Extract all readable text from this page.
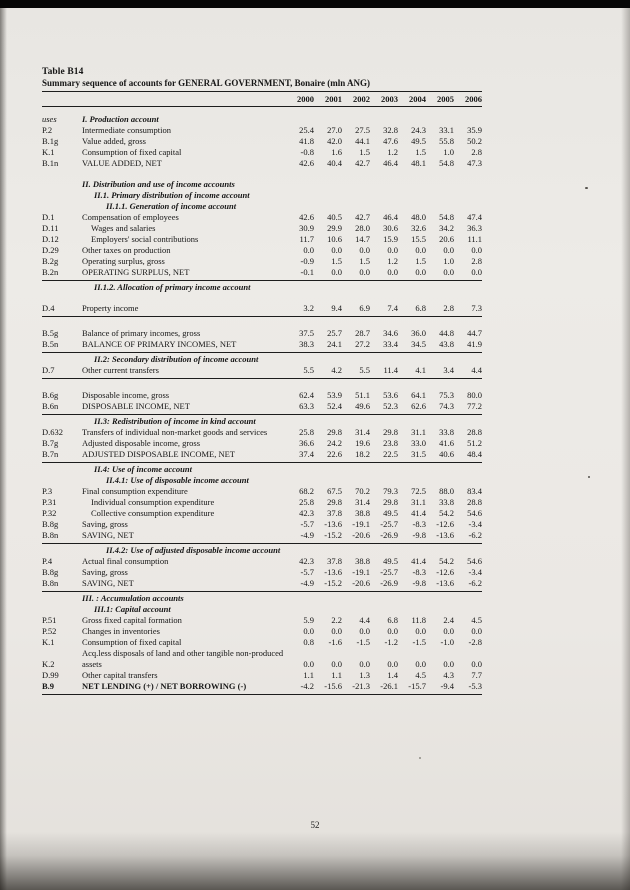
Table B14
Summary sequence of accounts for GENERAL GOVERNMENT, Bonaire (mln ANG)
2000	2001	2002	2003	2004	2005	2006
uses	I. Production account
P.2	Intermediate consumption	25.4	27.0	27.5	32.8	24.3	33.1	35.9
B.1g	Value added, gross	41.8	42.0	44.1	47.6	49.5	55.8	50.2
K.1	Consumption of fixed capital	-0.8	1.6	1.5	1.2	1.5	1.0	2.8
B.1n	VALUE ADDED, NET	42.6	40.4	42.7	46.4	48.1	54.8	47.3
II. Distribution and use of income accounts
II.1. Primary distribution of income account
II.1.1. Generation of income account
D.1	Compensation of employees	42.6	40.5	42.7	46.4	48.0	54.8	47.4
D.11	Wages and salaries	30.9	29.9	28.0	30.6	32.6	34.2	36.3
D.12	Employers' social contributions	11.7	10.6	14.7	15.9	15.5	20.6	11.1
D.29	Other taxes on production	0.0	0.0	0.0	0.0	0.0	0.0	0.0
B.2g	Operating surplus, gross	-0.9	1.5	1.5	1.2	1.5	1.0	2.8
B.2n	OPERATING SURPLUS, NET	-0.1	0.0	0.0	0.0	0.0	0.0	0.0
II.1.2. Allocation of primary income account
D.4	Property income	3.2	9.4	6.9	7.4	6.8	2.8	7.3
B.5g	Balance of primary incomes, gross	37.5	25.7	28.7	34.6	36.0	44.8	44.7
B.5n	BALANCE OF PRIMARY INCOMES, NET	38.3	24.1	27.2	33.4	34.5	43.8	41.9
II.2: Secondary distribution of income account
D.7	Other current transfers	5.5	4.2	5.5	11.4	4.1	3.4	4.4
B.6g	Disposable income, gross	62.4	53.9	51.1	53.6	64.1	75.3	80.0
B.6n	DISPOSABLE INCOME, NET	63.3	52.4	49.6	52.3	62.6	74.3	77.2
II.3: Redistribution of income in kind account
D.632	Transfers of individual non-market goods and services	25.8	29.8	31.4	29.8	31.1	33.8	28.8
B.7g	Adjusted disposable income, gross	36.6	24.2	19.6	23.8	33.0	41.6	51.2
B.7n	ADJUSTED DISPOSABLE INCOME, NET	37.4	22.6	18.2	22.5	31.5	40.6	48.4
II.4: Use of income account
II.4.1: Use of disposable income account
P.3	Final consumption expenditure	68.2	67.5	70.2	79.3	72.5	88.0	83.4
P.31	Individual consumption expenditure	25.8	29.8	31.4	29.8	31.1	33.8	28.8
P.32	Collective consumption expenditure	42.3	37.8	38.8	49.5	41.4	54.2	54.6
B.8g	Saving, gross	-5.7	-13.6	-19.1	-25.7	-8.3	-12.6	-3.4
B.8n	SAVING, NET	-4.9	-15.2	-20.6	-26.9	-9.8	-13.6	-6.2
II.4.2: Use of adjusted disposable income account
P.4	Actual final consumption	42.3	37.8	38.8	49.5	41.4	54.2	54.6
B.8g	Saving, gross	-5.7	-13.6	-19.1	-25.7	-8.3	-12.6	-3.4
B.8n	SAVING, NET	-4.9	-15.2	-20.6	-26.9	-9.8	-13.6	-6.2
III. : Accumulation accounts
III.1: Capital account
P.51	Gross fixed capital formation	5.9	2.2	4.4	6.8	11.8	2.4	4.5
P.52	Changes in inventories	0.0	0.0	0.0	0.0	0.0	0.0	0.0
K.1	Consumption of fixed capital	0.8	-1.6	-1.5	-1.2	-1.5	-1.0	-2.8
Acq.less disposals of land and other tangible non-produced
K.2	assets	0.0	0.0	0.0	0.0	0.0	0.0	0.0
D.99	Other capital transfers	1.1	1.1	1.3	1.4	4.5	4.3	7.7
B.9	NET LENDING (+) / NET BORROWING (-)	-4.2	-15.6	-21.3	-26.1	-15.7	-9.4	-5.3
52
